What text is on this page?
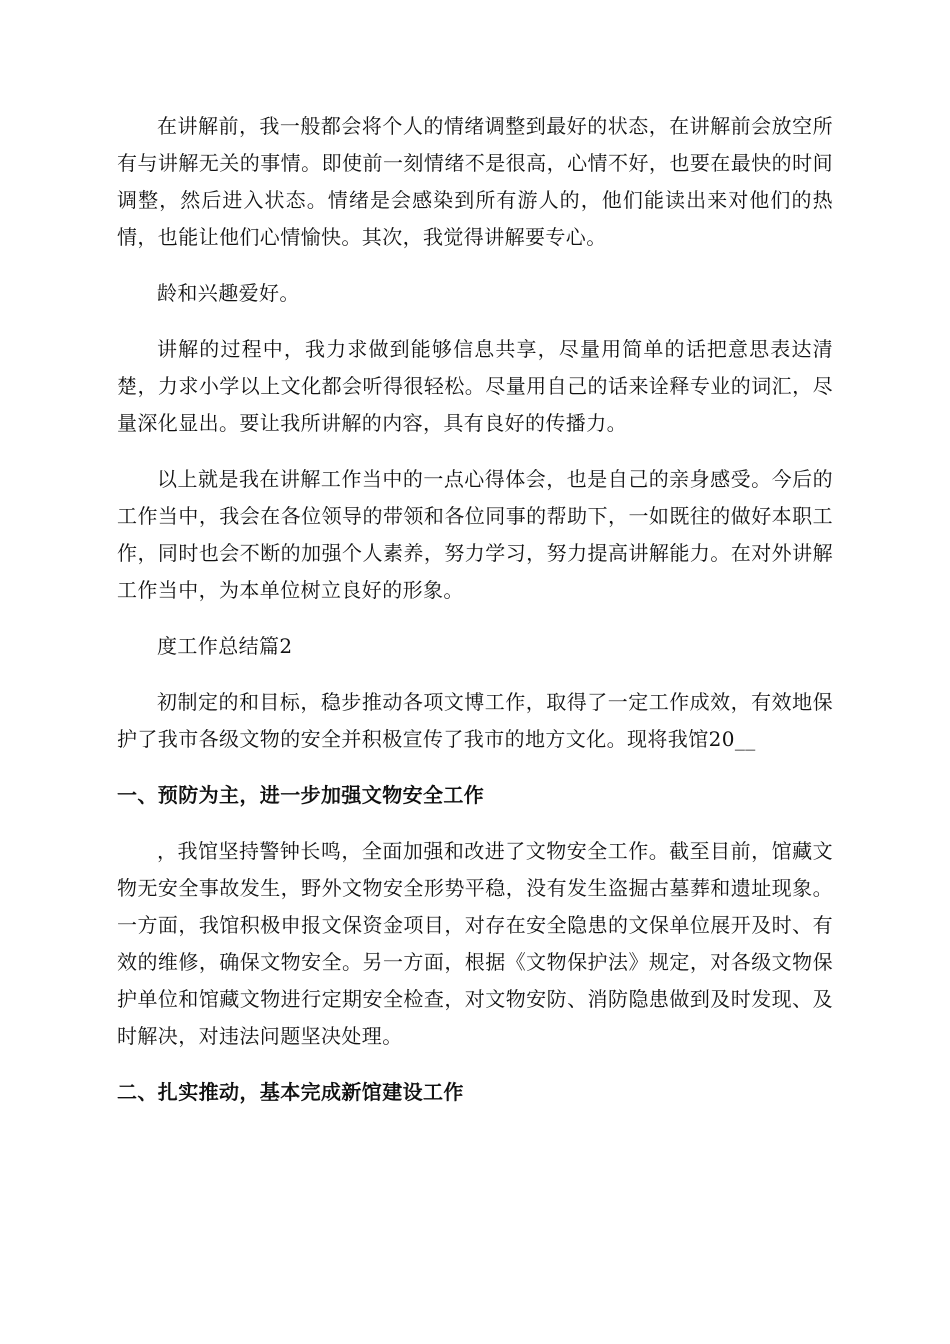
在讲解前，我一般都会将个人的情绪调整到最好的状态，在讲解前会放空所有与讲解无关的事情。即使前一刻情绪不是很高，心情不好，也要在最快的时间调整，然后进入状态。情绪是会感染到所有游人的，他们能读出来对他们的热情，也能让他们心情愉快。其次，我觉得讲解要专心。

龄和兴趣爱好。

讲解的过程中，我力求做到能够信息共享，尽量用简单的话把意思表达清楚，力求小学以上文化都会听得很轻松。尽量用自己的话来诠释专业的词汇，尽量深化显出。要让我所讲解的内容，具有良好的传播力。

以上就是我在讲解工作当中的一点心得体会，也是自己的亲身感受。今后的工作当中，我会在各位领导的带领和各位同事的帮助下，一如既往的做好本职工作，同时也会不断的加强个人素养，努力学习，努力提高讲解能力。在对外讲解工作当中，为本单位树立良好的形象。

度工作总结篇2

初制定的和目标，稳步推动各项文博工作，取得了一定工作成效，有效地保护了我市各级文物的安全并积极宣传了我市的地方文化。现将我馆20__

一、预防为主，进一步加强文物安全工作

，我馆坚持警钟长鸣，全面加强和改进了文物安全工作。截至目前，馆藏文物无安全事故发生，野外文物安全形势平稳，没有发生盗掘古墓葬和遗址现象。一方面，我馆积极申报文保资金项目，对存在安全隐患的文保单位展开及时、有效的维修，确保文物安全。另一方面，根据《文物保护法》规定，对各级文物保护单位和馆藏文物进行定期安全检查，对文物安防、消防隐患做到及时发现、及时解决，对违法问题坚决处理。

二、扎实推动，基本完成新馆建设工作
